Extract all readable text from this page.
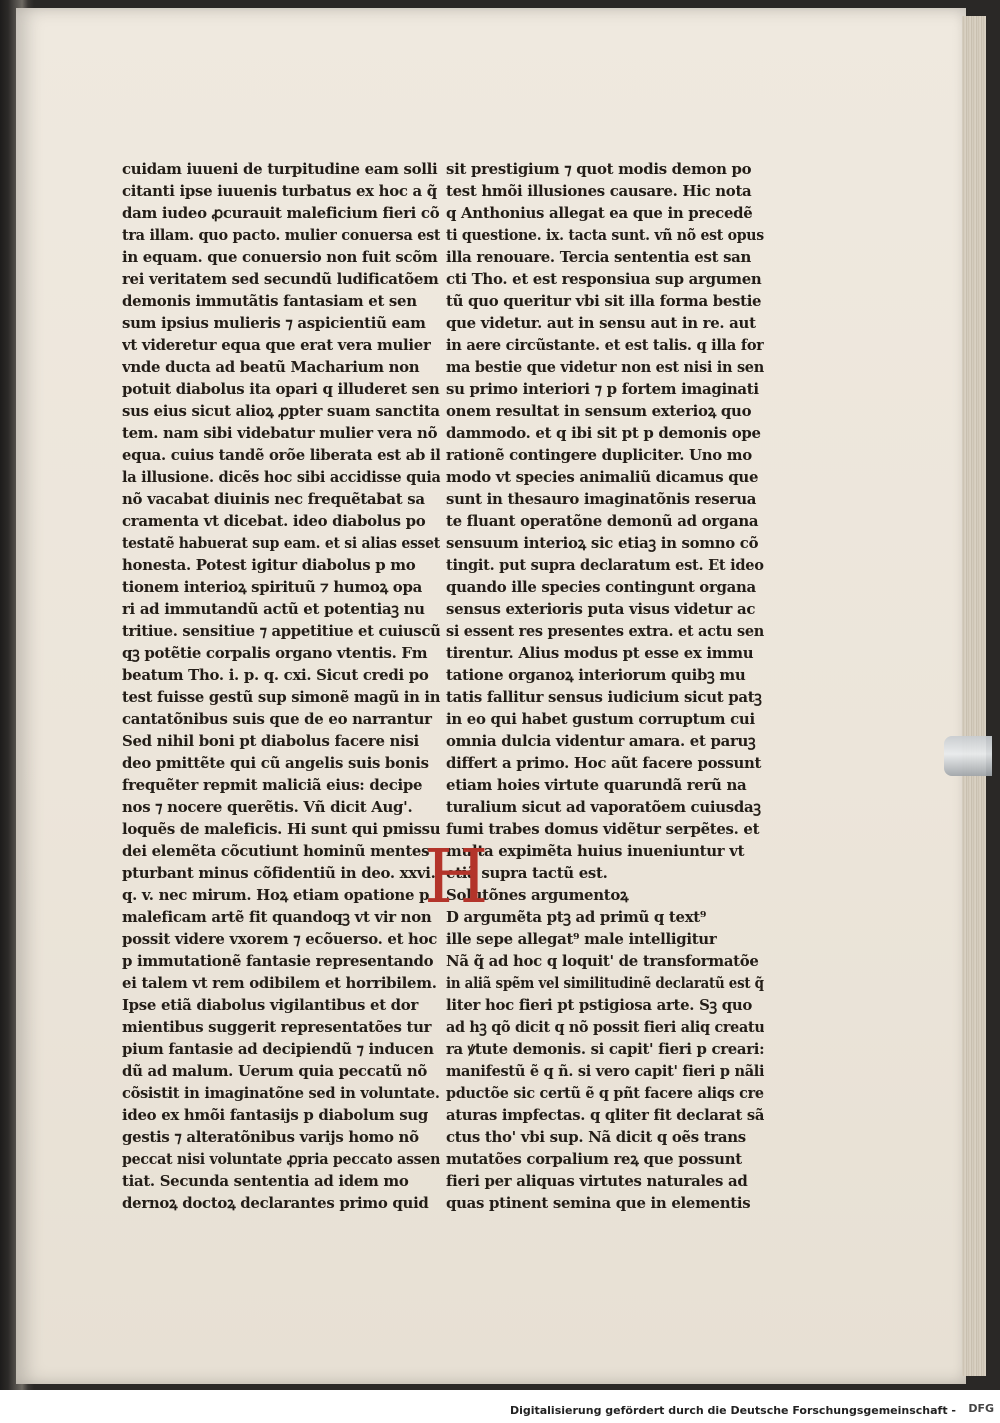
cuidam iuueni de turpitudine eam solli
citanti ipse iuuenis turbatus ex hoc a q̃
dam iudeo ꝓcurauit maleficium fieri cõ
tra illam. quo pacto. mulier conuersa est
in equam. que conuersio non fuit scõm
rei veritatem sed secundũ ludificatõem
demonis immutãtis fantasiam et sen
sum ipsius mulieris ⁊ aspicientiũ eam
vt videretur equa que erat vera mulier
vnde ducta ad beatũ Macharium non
potuit diabolus ita opari q illuderet sen
sus eius sicut alioꝝ ꝓpter suam sanctita
tem. nam sibi videbatur mulier vera nõ
equa. cuius tandẽ orõe liberata est ab il
la illusione. dicẽs hoc sibi accidisse quia
nõ vacabat diuinis nec frequẽtabat sa
cramenta vt dicebat. ideo diabolus po
testatẽ habuerat sup eam. et si alias esset
honesta. Potest igitur diabolus p mo
tionem interioꝝ spirituũ ⁊ humoꝝ opa
ri ad immutandũ actũ et potentiaꝫ nu
tritiue. sensitiue ⁊ appetitiue et cuiuscũ
qꝫ potẽtie corpalis organo vtentis. Fm
beatum Tho. i. p. q. cxi. Sicut credi po
test fuisse gestũ sup simonẽ magũ in in
cantatõnibus suis que de eo narrantur
Sed nihil boni pt diabolus facere nisi
deo pmittẽte qui cũ angelis suis bonis
frequẽter repmit maliciã eius: decipe
nos ⁊ nocere querẽtis. Vñ dicit Aug'.
loquẽs de maleficis. Hi sunt qui pmissu
dei elemẽta cõcutiunt hominũ mentes
pturbant minus cõfidentiũ in deo. xxvi.
q. v. nec mirum. Hoꝝ etiam opatione p
maleficam artẽ fit quandoqꝫ vt vir non
possit videre vxorem ⁊ ecõuerso. et hoc
p immutationẽ fantasie representando
ei talem vt rem odibilem et horribilem.
Ipse etiã diabolus vigilantibus et dor
mientibus suggerit representatões tur
pium fantasie ad decipiendũ ⁊ inducen
dũ ad malum. Uerum quia peccatũ nõ
cõsistit in imaginatõne sed in voluntate.
ideo ex hmõi fantasijs p diabolum sug
gestis ⁊ alteratõnibus varijs homo nõ
peccat nisi voluntate ꝓpria peccato assen
tiat. Secunda sententia ad idem mo
dernoꝝ doctoꝝ declarantes primo quid
sit prestigium ⁊ quot modis demon po
test hmõi illusiones causare. Hic nota
q Anthonius allegat ea que in precedẽ
ti questione. ix. tacta sunt. vñ nõ est opus
illa renouare. Tercia sententia est san
cti Tho. et est responsiua sup argumen
tũ quo queritur vbi sit illa forma bestie
que videtur. aut in sensu aut in re. aut
in aere circũstante. et est talis. q illa for
ma bestie que videtur non est nisi in sen
su primo interiori ⁊ p fortem imaginati
onem resultat in sensum exterioꝝ quo
dammodo. et q ibi sit pt p demonis ope
rationẽ contingere dupliciter. Uno mo
modo vt species animaliũ dicamus que
sunt in thesauro imaginatõnis reserua
te fluant operatõne demonũ ad organa
sensuum interioꝝ sic etiaꝫ in somno cõ
tingit. put supra declaratum est. Et ideo
quando ille species contingunt organa
sensus exterioris puta visus videtur ac
si essent res presentes extra. et actu sen
tirentur. Alius modus pt esse ex immu
tatione organoꝝ interiorum quibꝫ mu
tatis fallitur sensus iudicium sicut patꝫ
in eo qui habet gustum corruptum cui
omnia dulcia videntur amara. et paruꝫ
differt a primo. Hoc aũt facere possunt
etiam hoies virtute quarundã rerũ na
turalium sicut ad vaporatõem cuiusdaꝫ
fumi trabes domus vidẽtur serpẽtes. et
multa expimẽta huius inueniuntur vt
etiã supra tactũ est.
Solutõnes argumentoꝝ
D argumẽta ptꝫ ad primũ q text⁹
ille sepe allegat⁹ male intelligitur
Nã q̃ ad hoc q loquit' de transformatõe
in aliã spẽm vel similitudinẽ declaratũ est q̃
liter hoc fieri pt pstigiosa arte. Sꝫ quo
ad hꝫ qõ dicit q nõ possit fieri aliq creatu
ra ꝟtute demonis. si capit' fieri p creari:
manifestũ ẽ q ñ. si vero capit' fieri p nãli
pductõe sic certũ ẽ q pñt facere aliqs cre
aturas impfectas. q qliter fit declarat sã
ctus tho' vbi sup. Nã dicit q oẽs trans
mutatões corpalium reꝝ que possunt
fieri per aliquas virtutes naturales ad
quas ptinent semina que in elementis
H
Digitalisierung gefördert durch die Deutsche Forschungsgemeinschaft - DFG
